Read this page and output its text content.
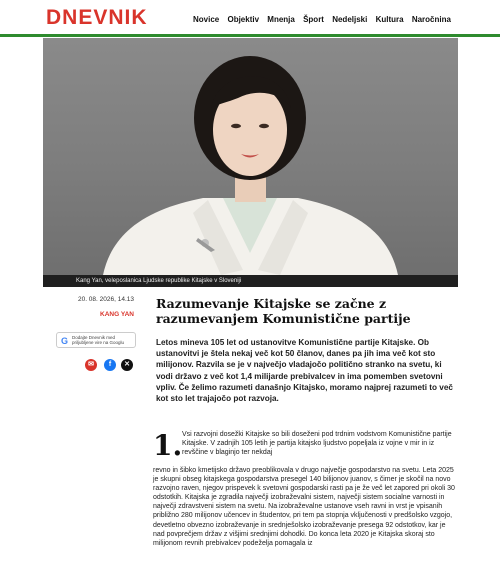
DNEVNIK	Novice Objektiv Mnenja Šport Nedeljski Kultura Naročnina
Kang Yan, veleposlanica Ljudske republike Kitajske v Sloveniji
20. 08. 2026, 14.13
KANG YAN
G Dodajte Dnevnik med priljubljene vire na Googlu
✉	f	✕
Razumevanje Kitajske se začne z razumevanjem Komunistične partije
Letos mineva 105 let od ustanovitve Komunistične partije Kitajske. Ob ustanovitvi je štela nekaj več kot 50 članov, danes pa jih ima več kot sto milijonov. Razvila se je v največjo vladajočo politično stranko na svetu, ki vodi državo z več kot 1,4 milijarde prebivalcev in ima pomemben svetovni vpliv. Če želimo razumeti današnjo Kitajsko, moramo najprej razumeti to več kot sto let trajajočo pot razvoja.
1. Vsi razvojni dosežki Kitajske so bili doseženi pod trdnim vodstvom Komunistične partije Kitajske. V zadnjih 105 letih je partija kitajsko ljudstvo popeljala iz vojne v mir in iz revščine v blaginjo ter nekdaj
revno in šibko kmetijsko državo preoblikovala v drugo največje gospodarstvo na svetu. Leta 2025 je skupni obseg kitajskega gospodarstva presegel 140 bilijonov juanov, s čimer je skočil na novo razvojno raven, njegov prispevek k svetovni gospodarski rasti pa je že več let zapored pri okoli 30 odstotkih. Kitajska je zgradila največji izobraževalni sistem, največji sistem socialne varnosti in največji zdravstveni sistem na svetu. Na izobraževalne ustanove vseh ravni in vrst je vpisanih približno 280 milijonov učencev in študentov, pri tem pa stopnja vključenosti v predšolsko vzgojo, devetletno obvezno izobraževanje in srednješolsko izobraževanje presega 92 odstotkov, kar je nad povprečjem držav z višjimi srednjimi dohodki. Do konca leta 2020 je Kitajska skoraj sto milijonom revnih prebivalcev podeželja pomagala iz
